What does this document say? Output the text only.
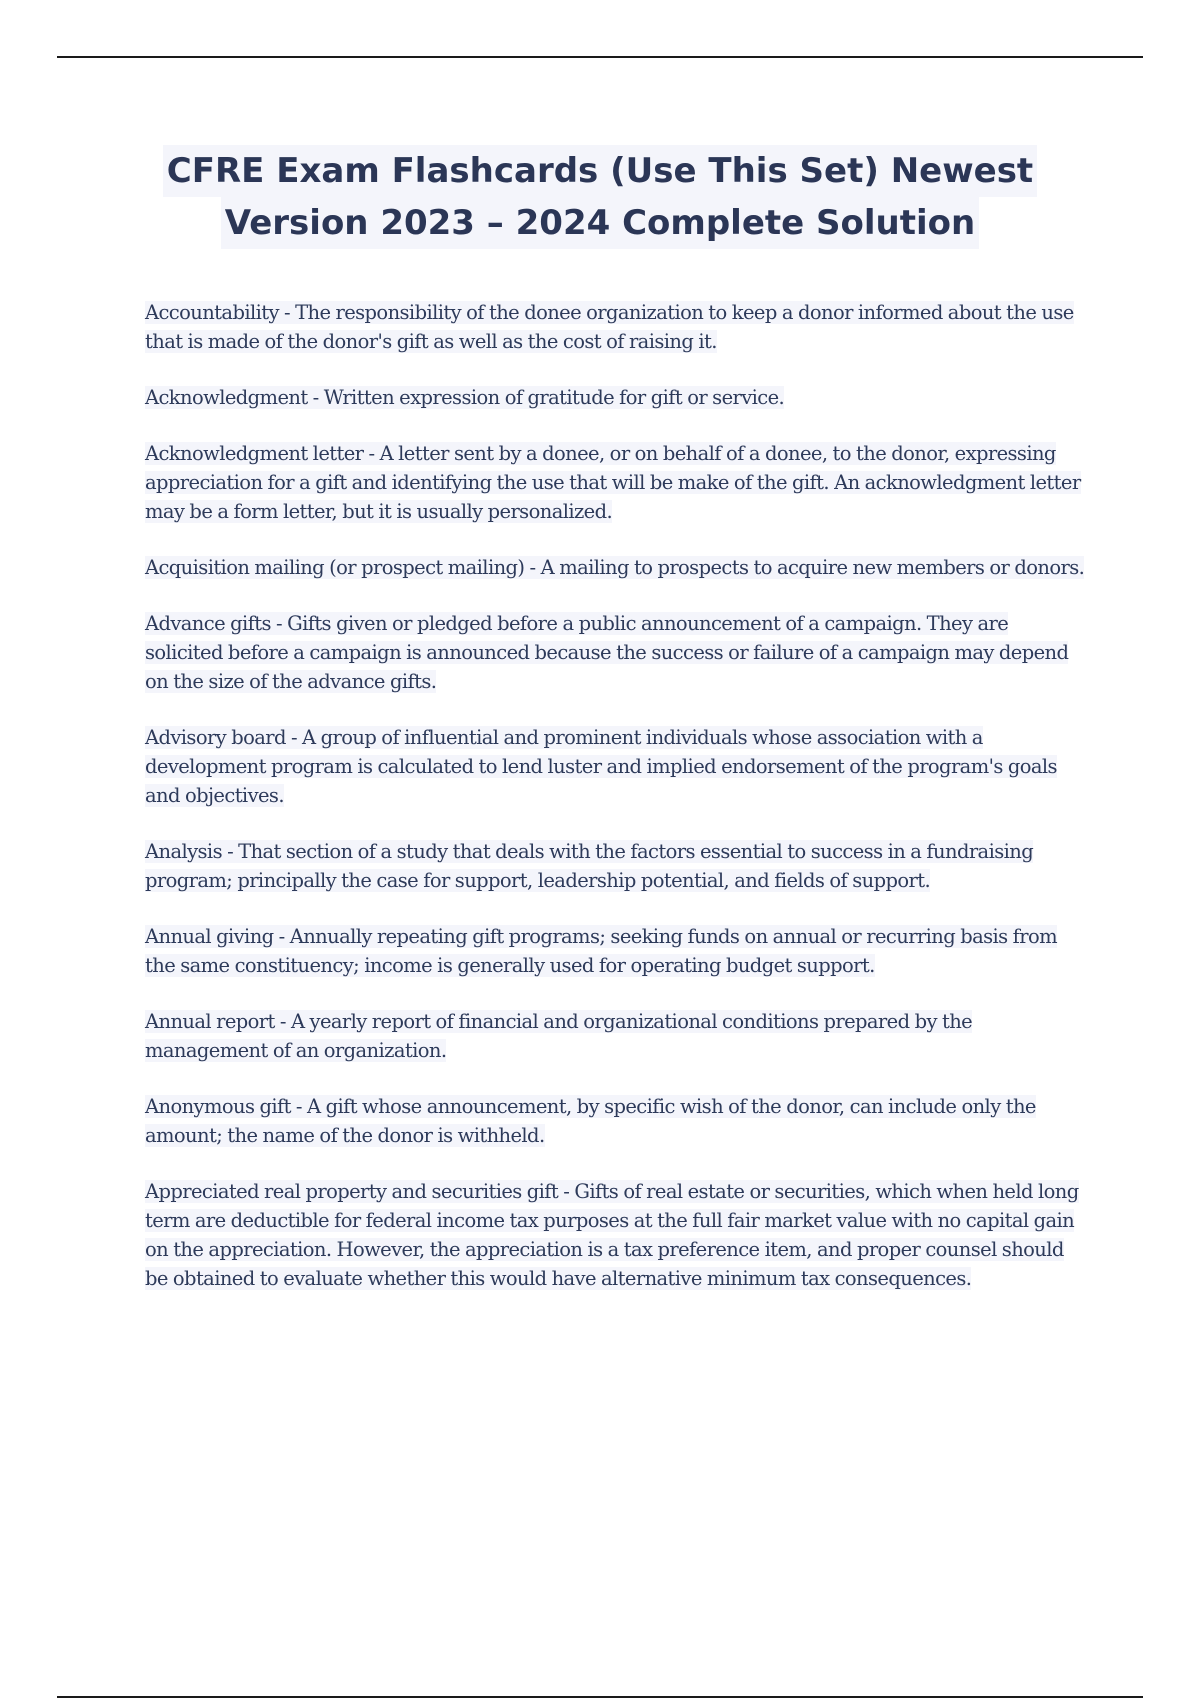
CFRE Exam Flashcards (Use This Set) Newest
Version 2023 – 2024 Complete Solution

Accountability - The responsibility of the donee organization to keep a donor informed about the use that is made of the donor's gift as well as the cost of raising it.

Acknowledgment - Written expression of gratitude for gift or service.

Acknowledgment letter - A letter sent by a donee, or on behalf of a donee, to the donor, expressing appreciation for a gift and identifying the use that will be make of the gift. An acknowledgment letter may be a form letter, but it is usually personalized.

Acquisition mailing (or prospect mailing) - A mailing to prospects to acquire new members or donors.

Advance gifts - Gifts given or pledged before a public announcement of a campaign. They are solicited before a campaign is announced because the success or failure of a campaign may depend on the size of the advance gifts.

Advisory board - A group of influential and prominent individuals whose association with a development program is calculated to lend luster and implied endorsement of the program's goals and objectives.

Analysis - That section of a study that deals with the factors essential to success in a fundraising program; principally the case for support, leadership potential, and fields of support.

Annual giving - Annually repeating gift programs; seeking funds on annual or recurring basis from the same constituency; income is generally used for operating budget support.

Annual report - A yearly report of financial and organizational conditions prepared by the management of an organization.

Anonymous gift - A gift whose announcement, by specific wish of the donor, can include only the amount; the name of the donor is withheld.

Appreciated real property and securities gift - Gifts of real estate or securities, which when held long term are deductible for federal income tax purposes at the full fair market value with no capital gain on the appreciation. However, the appreciation is a tax preference item, and proper counsel should be obtained to evaluate whether this would have alternative minimum tax consequences.
